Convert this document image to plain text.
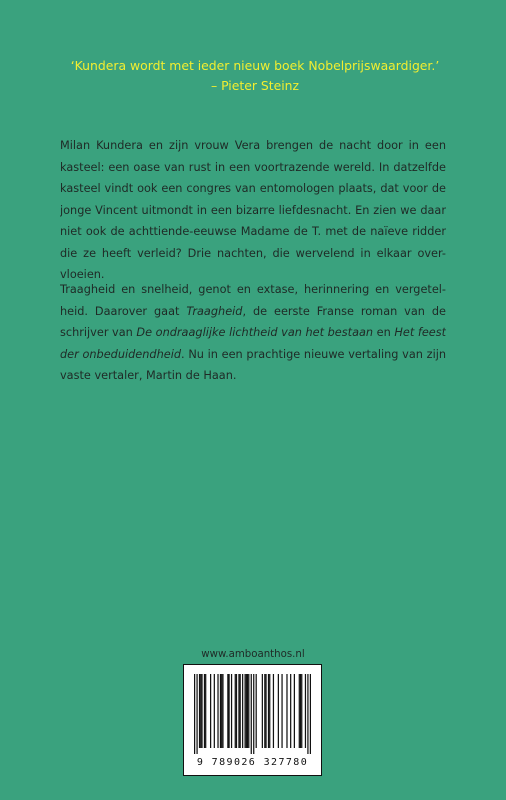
‘Kundera wordt met ieder nieuw boek Nobelprijswaardiger.’
– Pieter Steinz
Milan Kundera en zijn vrouw Vera brengen de nacht door in een
kasteel: een oase van rust in een voortrazende wereld. In datzelfde
kasteel vindt ook een congres van entomologen plaats, dat voor de
jonge Vincent uitmondt in een bizarre liefdesnacht. En zien we daar
niet ook de achttiende-eeuwse Madame de T. met de naïeve ridder
die ze heeft verleid? Drie nachten, die wervelend in elkaar over-
vloeien.
Traagheid en snelheid, genot en extase, herinnering en vergetel-
heid. Daarover gaat Traagheid, de eerste Franse roman van de
schrijver van De ondraaglijke lichtheid van het bestaan en Het feest
der onbeduidendheid. Nu in een prachtige nieuwe vertaling van zijn
vaste vertaler, Martin de Haan.
www.amboanthos.nl
9 789026 327780
